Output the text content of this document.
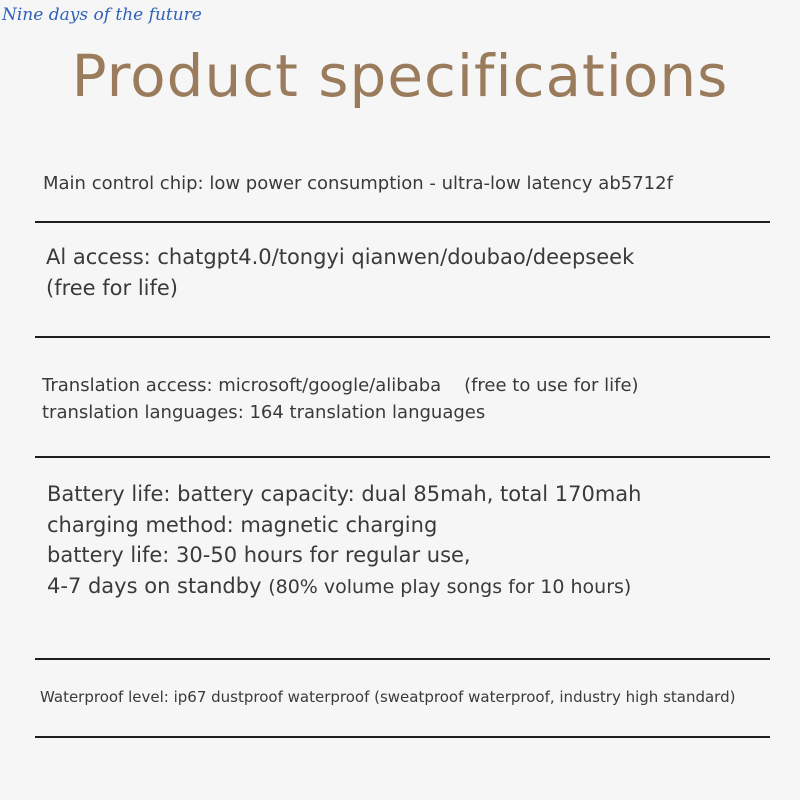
Nine days of the future
Product specifications
Main control chip: low power consumption - ultra-low latency ab5712f
Al access: chatgpt4.0/tongyi qianwen/doubao/deepseek
(free for life)
Translation access: microsoft/google/alibaba    (free to use for life)
translation languages: 164 translation languages
Battery life: battery capacity: dual 85mah, total 170mah
charging method: magnetic charging
battery life: 30-50 hours for regular use,
4-7 days on standby (80% volume play songs for 10 hours)
Waterproof level: ip67 dustproof waterproof (sweatproof waterproof, industry high standard)
